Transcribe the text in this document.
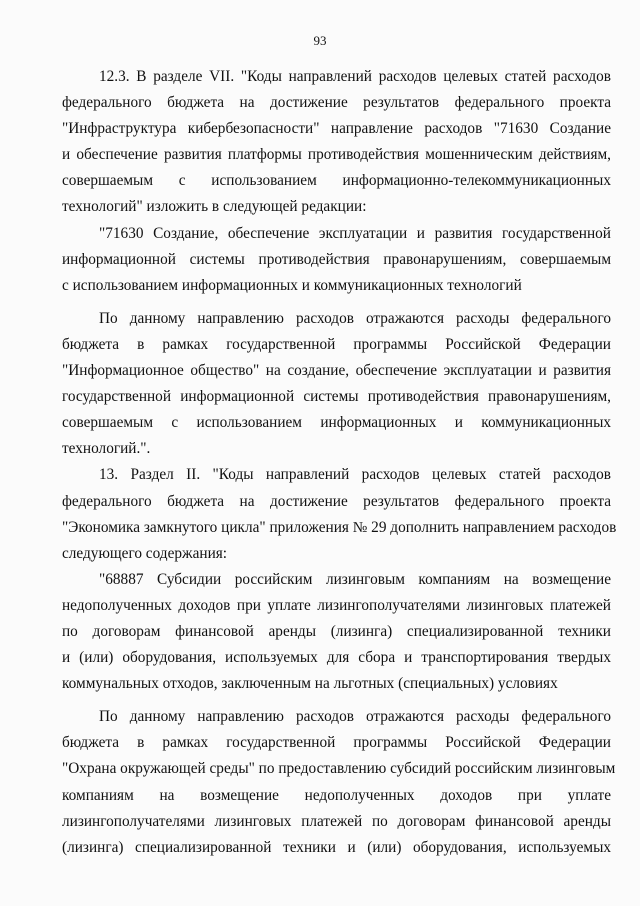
93
12.3. В разделе VII. "Коды направлений расходов целевых статей расходов
федерального бюджета на достижение результатов федерального проекта
"Инфраструктура кибербезопасности" направление расходов "71630 Создание
и обеспечение развития платформы противодействия мошенническим действиям,
совершаемым с использованием информационно-телекоммуникационных
технологий" изложить в следующей редакции:
"71630 Создание, обеспечение эксплуатации и развития государственной
информационной системы противодействия правонарушениям, совершаемым
с использованием информационных и коммуникационных технологий
По данному направлению расходов отражаются расходы федерального
бюджета в рамках государственной программы Российской Федерации
"Информационное общество" на создание, обеспечение эксплуатации и развития
государственной информационной системы противодействия правонарушениям,
совершаемым с использованием информационных и коммуникационных
технологий.".
13. Раздел II. "Коды направлений расходов целевых статей расходов
федерального бюджета на достижение результатов федерального проекта
"Экономика замкнутого цикла" приложения № 29 дополнить направлением расходов
следующего содержания:
"68887 Субсидии российским лизинговым компаниям на возмещение
недополученных доходов при уплате лизингополучателями лизинговых платежей
по договорам финансовой аренды (лизинга) специализированной техники
и (или) оборудования, используемых для сбора и транспортирования твердых
коммунальных отходов, заключенным на льготных (специальных) условиях
По данному направлению расходов отражаются расходы федерального
бюджета в рамках государственной программы Российской Федерации
"Охрана окружающей среды" по предоставлению субсидий российским лизинговым
компаниям на возмещение недополученных доходов при уплате
лизингополучателями лизинговых платежей по договорам финансовой аренды
(лизинга) специализированной техники и (или) оборудования, используемых
